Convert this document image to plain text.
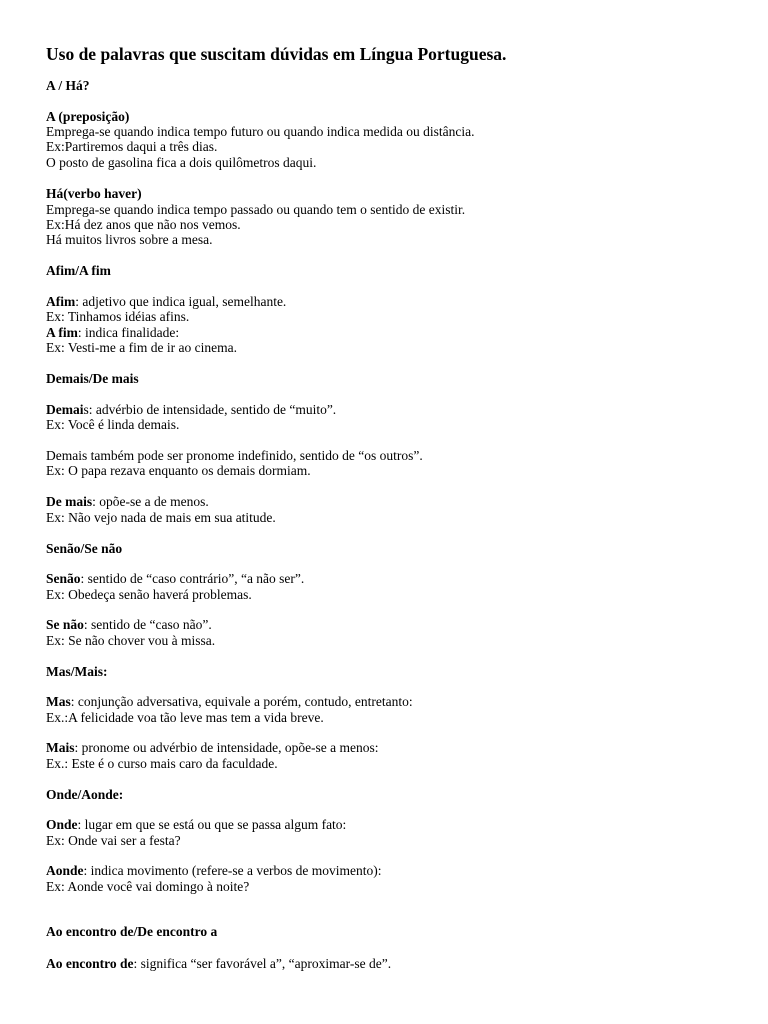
Uso de palavras que suscitam dúvidas em Língua Portuguesa.
A / Há?
A (preposição)
Emprega-se quando indica tempo futuro ou quando indica medida ou distância.
Ex:Partiremos daqui a três dias.
O posto de gasolina fica a dois quilômetros daqui.
Há(verbo haver)
Emprega-se quando indica tempo passado ou quando tem o sentido de existir.
Ex:Há dez anos que não nos vemos.
Há muitos livros sobre a mesa.
Afim/A fim
Afim: adjetivo que indica igual, semelhante.
Ex: Tinhamos idéias afins.
A fim: indica finalidade:
Ex: Vesti-me a fim de ir ao cinema.
Demais/De mais
Demais: advérbio de intensidade, sentido de “muito”.
Ex: Você é linda demais.
Demais também pode ser pronome indefinido, sentido de “os outros”.
Ex: O papa rezava enquanto os demais dormiam.
De mais: opõe-se a de menos.
Ex: Não vejo nada de mais em sua atitude.
Senão/Se não
Senão: sentido de “caso contrário”, “a não ser”.
Ex: Obedeça senão haverá problemas.
Se não: sentido de “caso não”.
Ex: Se não chover vou à missa.
Mas/Mais:
Mas: conjunção adversativa, equivale a porém, contudo, entretanto:
Ex.:A felicidade voa tão leve mas tem a vida breve.
Mais: pronome ou advérbio de intensidade, opõe-se a menos:
Ex.: Este é o curso mais caro da faculdade.
Onde/Aonde:
Onde: lugar em que se está ou que se passa algum fato:
Ex: Onde vai ser a festa?
Aonde: indica movimento (refere-se a verbos de movimento):
Ex: Aonde você vai domingo à noite?
Ao encontro de/De encontro a
Ao encontro de: significa “ser favorável a”, “aproximar-se de”.
